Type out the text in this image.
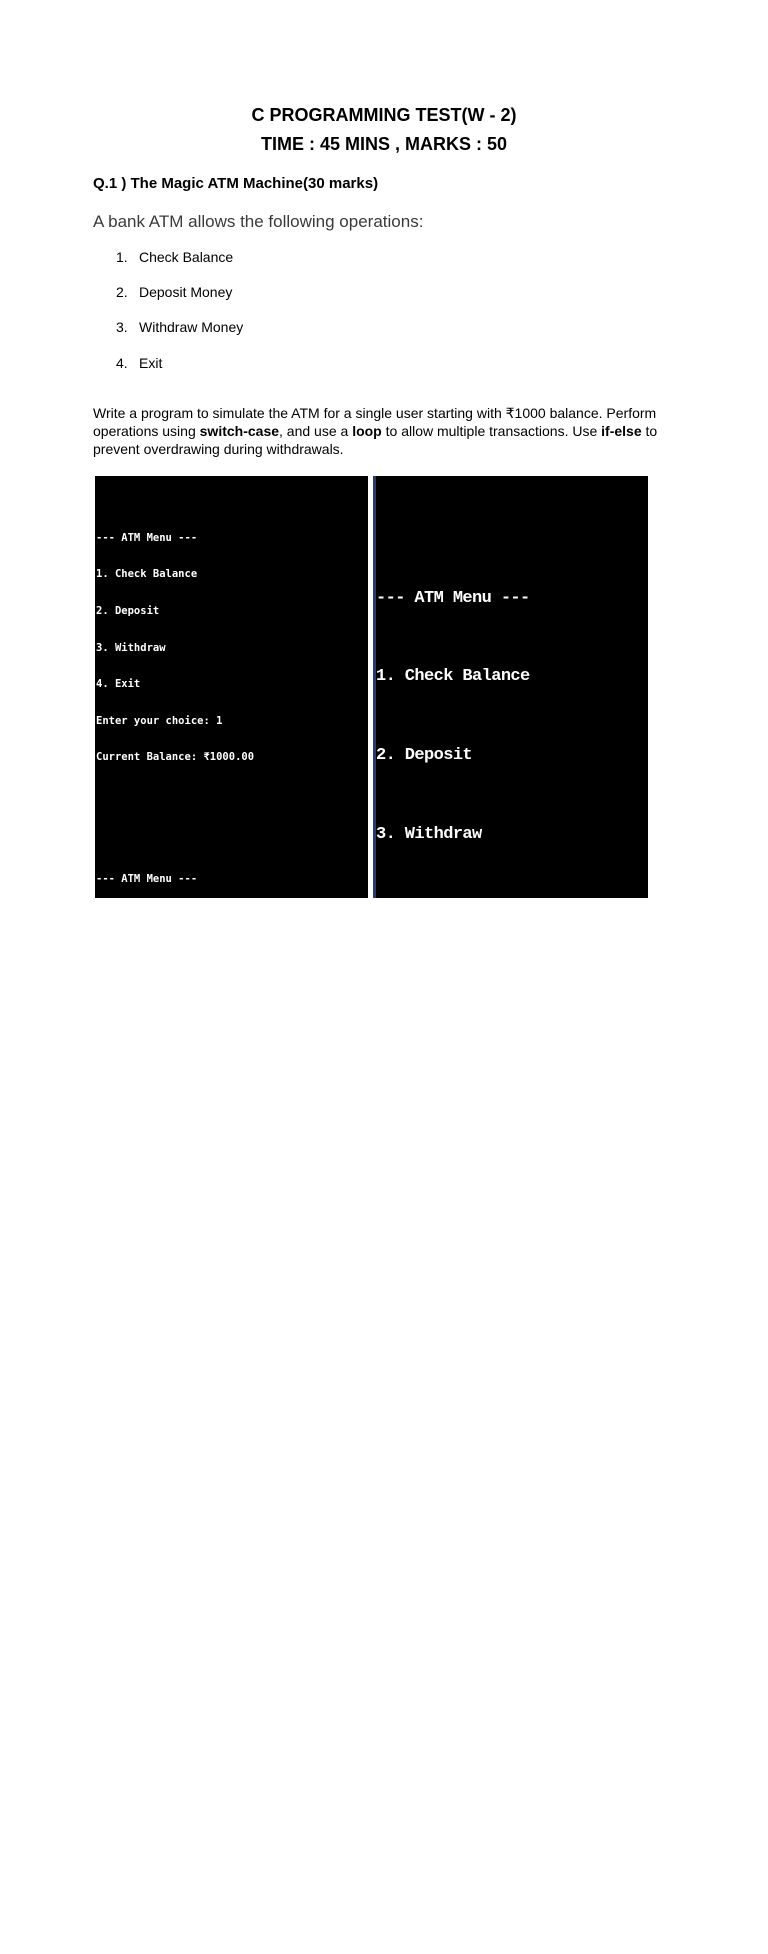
C PROGRAMMING TEST(W - 2)
TIME : 45 MINS , MARKS : 50
Q.1 ) The Magic ATM Machine(30 marks)
A bank ATM allows the following operations:
1. Check Balance
2. Deposit Money
3. Withdraw Money
4. Exit
Write a program to simulate the ATM for a single user starting with ₹1000 balance. Perform operations using switch-case, and use a loop to allow multiple transactions. Use if-else to prevent overdrawing during withdrawals.

--- ATM Menu ---

1. Check Balance

2. Deposit

3. Withdraw

4. Exit

Enter your choice: 1

Current Balance: ₹1000.00

--- ATM Menu ---

1. Check Balance

2. Deposit

3. Withdraw

4. Exit

Enter your choice: 2

Enter amount to deposit: 1000

Deposited successfully.

--- ATM Menu ---

1. Check Balance

2. Deposit

3. Withdraw

4. Exit

Enter your choice: 1

Current Balance: ₹2000.00

--- ATM Menu ---

1. Check Balance

2. Deposit

3. Withdraw

4. Exit

Enter your choice: 3

Enter amount to withdraw: 100

Withdrawn successfully.

--- ATM Menu ---

1. Check Balance

2. Deposit

3. Withdraw

4. Exit

Enter your choice: 1

Current Balance: ₹1900.00

--- ATM Menu ---

1. Check Balance

2. Deposit

3. Withdraw

4. Exit

Enter your choice: 4

Thank you for using ATM.
